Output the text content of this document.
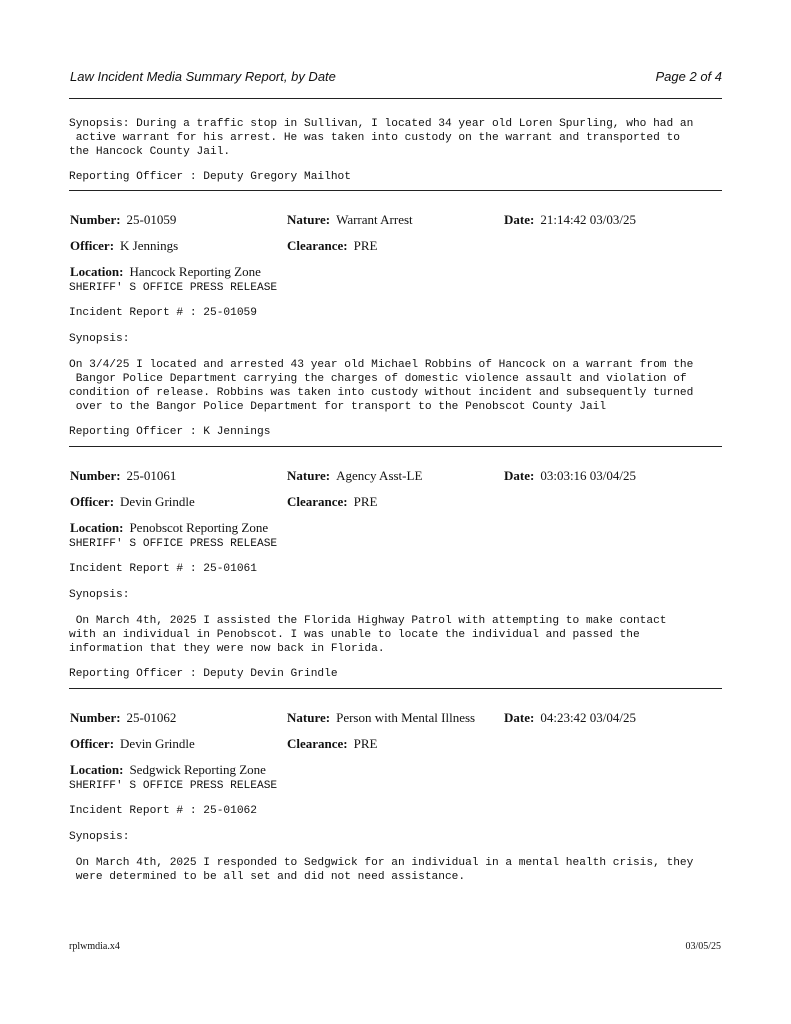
Law Incident Media Summary Report, by Date	Page 2 of 4
Synopsis: During a traffic stop in Sullivan, I located 34 year old Loren Spurling, who had an
active warrant for his arrest. He was taken into custody on the warrant and transported to
the Hancock County Jail.
Reporting Officer : Deputy Gregory Mailhot
Number: 25-01059	Nature: Warrant Arrest	Date: 21:14:42 03/03/25
Officer: K Jennings	Clearance: PRE
Location: Hancock Reporting Zone
SHERIFF' S OFFICE PRESS RELEASE
Incident Report # : 25-01059
Synopsis:
On 3/4/25 I located and arrested 43 year old Michael Robbins of Hancock on a warrant from the
Bangor Police Department carrying the charges of domestic violence assault and violation of
condition of release. Robbins was taken into custody without incident and subsequently turned
over to the Bangor Police Department for transport to the Penobscot County Jail
Reporting Officer : K Jennings
Number: 25-01061	Nature: Agency Asst-LE	Date: 03:03:16 03/04/25
Officer: Devin Grindle	Clearance: PRE
Location: Penobscot Reporting Zone
SHERIFF' S OFFICE PRESS RELEASE
Incident Report # : 25-01061
Synopsis:
On March 4th, 2025 I assisted the Florida Highway Patrol with attempting to make contact
with an individual in Penobscot. I was unable to locate the individual and passed the
information that they were now back in Florida.
Reporting Officer : Deputy Devin Grindle
Number: 25-01062	Nature: Person with Mental Illness Date: 04:23:42 03/04/25
Officer: Devin Grindle	Clearance: PRE
Location: Sedgwick Reporting Zone
SHERIFF' S OFFICE PRESS RELEASE
Incident Report # : 25-01062
Synopsis:
On March 4th, 2025 I responded to Sedgwick for an individual in a mental health crisis, they
were determined to be all set and did not need assistance.
rplwmdia.x4	03/05/25
